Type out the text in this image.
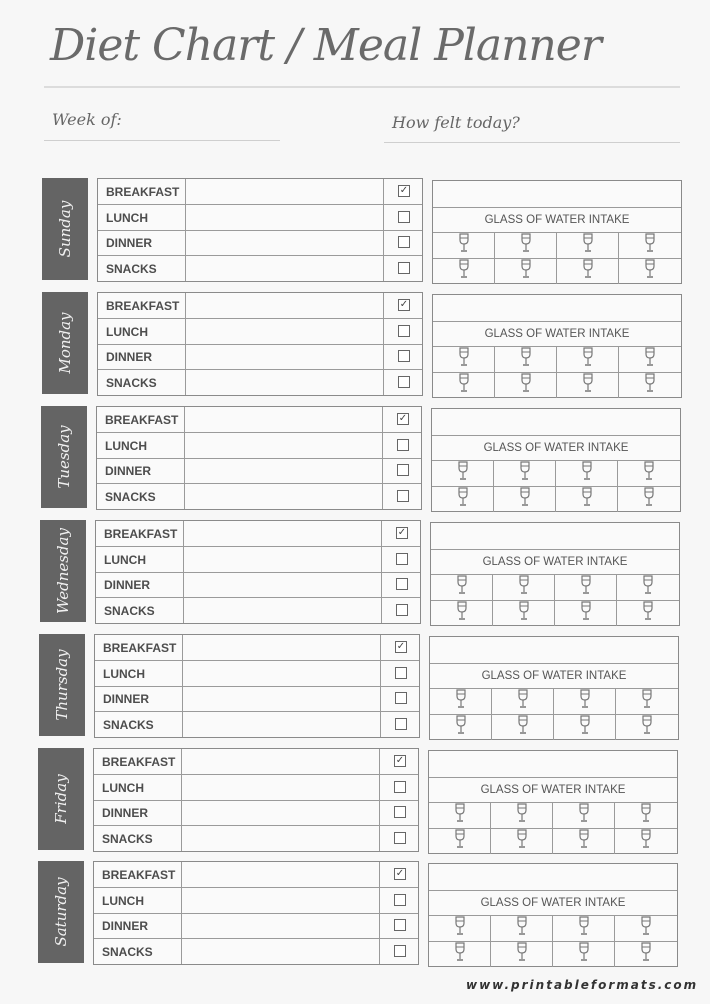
Diet Chart / Meal Planner
Week of:	How felt today?
Sunday
BREAKFAST	✓
LUNCH
DINNER
SNACKS
GLASS OF WATER INTAKE
Monday
BREAKFAST	✓
LUNCH
DINNER
SNACKS
GLASS OF WATER INTAKE
Tuesday
BREAKFAST	✓
LUNCH
DINNER
SNACKS
GLASS OF WATER INTAKE
Wednesday	BREAKFAST	✓
LUNCH
DINNER
SNACKS
GLASS OF WATER INTAKE
Thursday
BREAKFAST	✓
LUNCH
DINNER
SNACKS
GLASS OF WATER INTAKE
Friday
BREAKFAST	✓
LUNCH
DINNER
SNACKS
GLASS OF WATER INTAKE
Saturday
BREAKFAST	✓
LUNCH
DINNER
SNACKS
GLASS OF WATER INTAKE
www.printableformats.com
